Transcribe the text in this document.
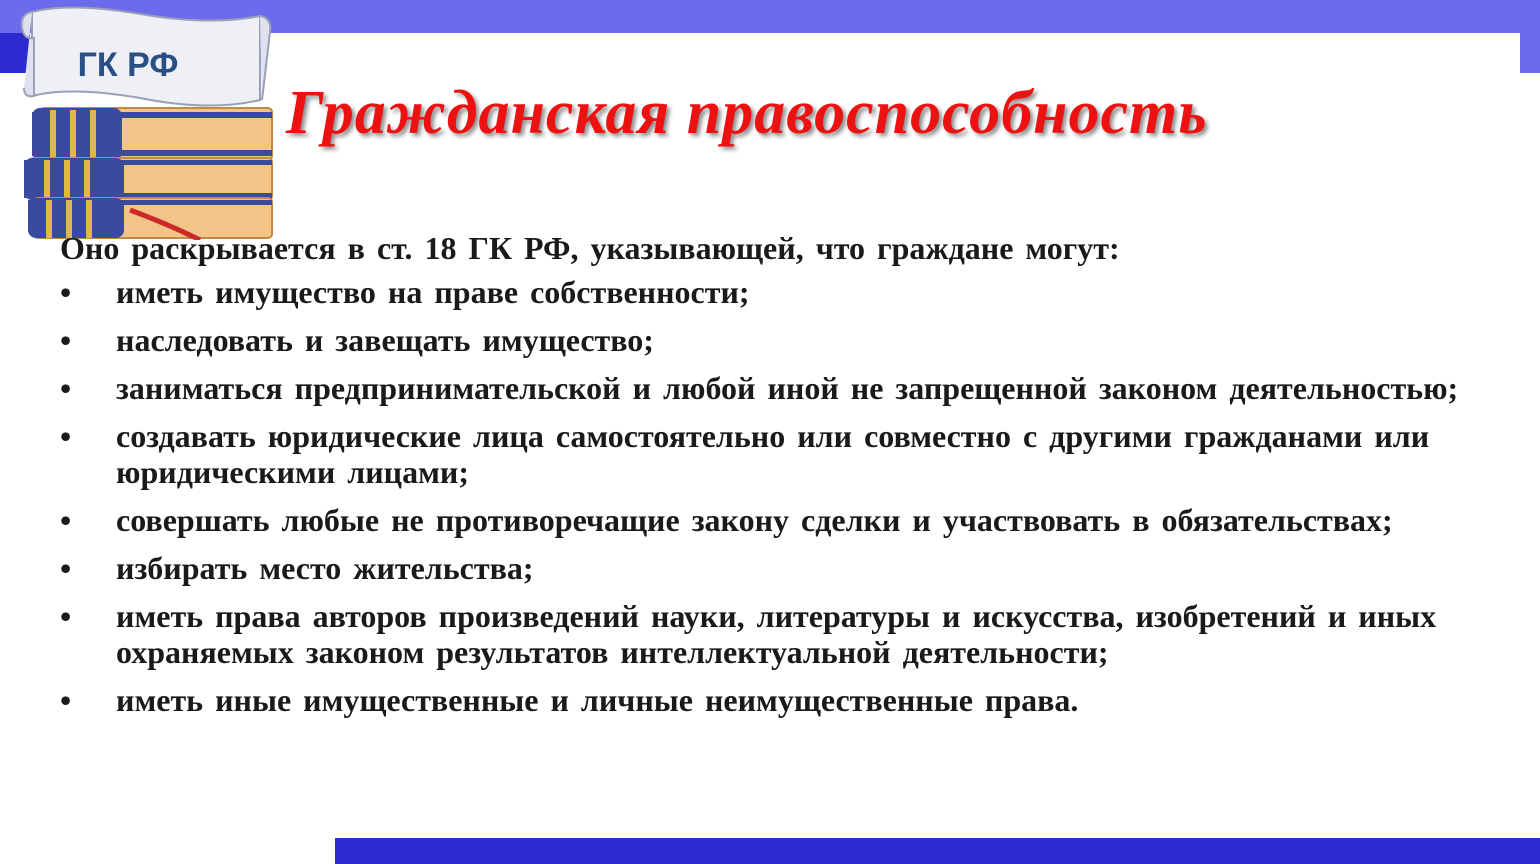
ГК РФ
Гражданская правоспособность

Оно раскрывается в ст. 18 ГК РФ, указывающей, что граждане могут:

• иметь имущество на праве собственности;
• наследовать и завещать имущество;
• заниматься предпринимательской и любой иной не запрещенной законом деятельностью;
• создавать юридические лица самостоятельно или совместно с другими гражданами или юридическими лицами;
• совершать любые не противоречащие закону сделки и участвовать в обязательствах;
• избирать место жительства;
• иметь права авторов произведений науки, литературы и искусства, изобретений и иных охраняемых законом результатов интеллектуальной деятельности;
• иметь иные имущественные и личные неимущественные права.
